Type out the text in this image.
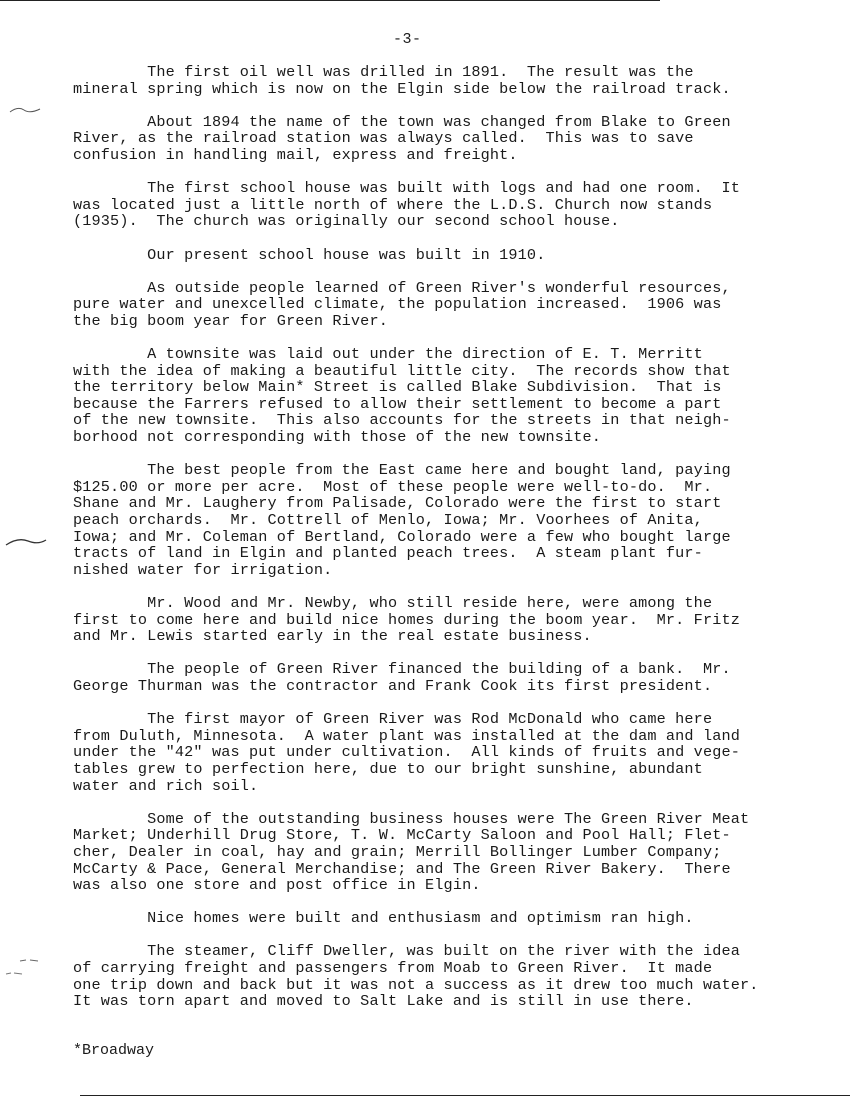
-3-

The first oil well was drilled in 1891.  The result was the
mineral spring which is now on the Elgin side below the railroad track.

About 1894 the name of the town was changed from Blake to Green
River, as the railroad station was always called.  This was to save
confusion in handling mail, express and freight.

The first school house was built with logs and had one room.  It
was located just a little north of where the L.D.S. Church now stands
(1935).  The church was originally our second school house.

Our present school house was built in 1910.

As outside people learned of Green River's wonderful resources,
pure water and unexcelled climate, the population increased.  1906 was
the big boom year for Green River.

A townsite was laid out under the direction of E. T. Merritt
with the idea of making a beautiful little city.  The records show that
the territory below Main* Street is called Blake Subdivision.  That is
because the Farrers refused to allow their settlement to become a part
of the new townsite.  This also accounts for the streets in that neigh-
borhood not corresponding with those of the new townsite.

The best people from the East came here and bought land, paying
$125.00 or more per acre.  Most of these people were well-to-do.  Mr.
Shane and Mr. Laughery from Palisade, Colorado were the first to start
peach orchards.  Mr. Cottrell of Menlo, Iowa; Mr. Voorhees of Anita,
Iowa; and Mr. Coleman of Bertland, Colorado were a few who bought large
tracts of land in Elgin and planted peach trees.  A steam plant fur-
nished water for irrigation.

Mr. Wood and Mr. Newby, who still reside here, were among the
first to come here and build nice homes during the boom year.  Mr. Fritz
and Mr. Lewis started early in the real estate business.

The people of Green River financed the building of a bank.  Mr.
George Thurman was the contractor and Frank Cook its first president.

The first mayor of Green River was Rod McDonald who came here
from Duluth, Minnesota.  A water plant was installed at the dam and land
under the "42" was put under cultivation.  All kinds of fruits and vege-
tables grew to perfection here, due to our bright sunshine, abundant
water and rich soil.

Some of the outstanding business houses were The Green River Meat
Market; Underhill Drug Store, T. W. McCarty Saloon and Pool Hall; Flet-
cher, Dealer in coal, hay and grain; Merrill Bollinger Lumber Company;
McCarty & Pace, General Merchandise; and The Green River Bakery.  There
was also one store and post office in Elgin.

Nice homes were built and enthusiasm and optimism ran high.

The steamer, Cliff Dweller, was built on the river with the idea
of carrying freight and passengers from Moab to Green River.  It made
one trip down and back but it was not a success as it drew too much water.
It was torn apart and moved to Salt Lake and is still in use there.

*Broadway
